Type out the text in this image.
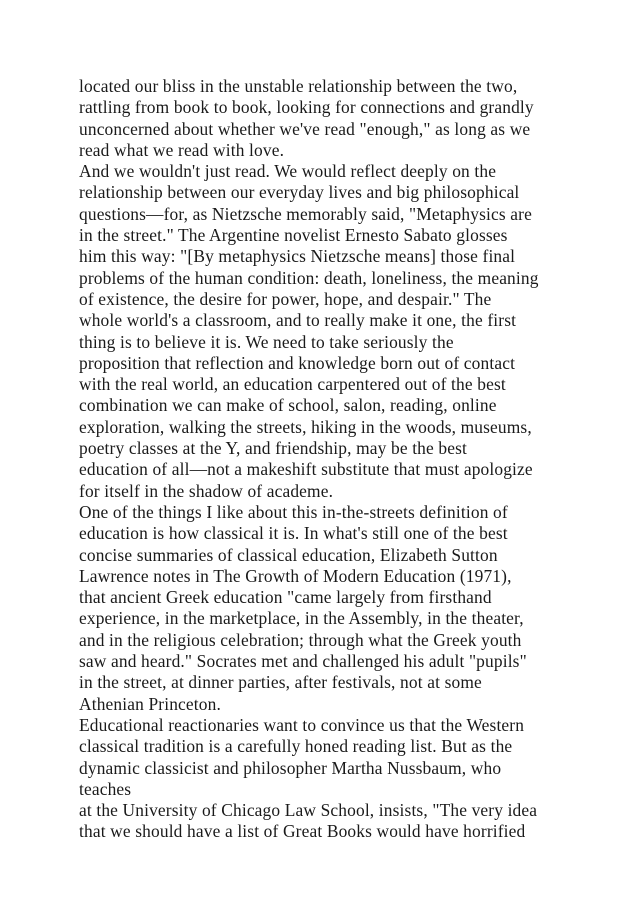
located our bliss in the unstable relationship between the two,
rattling from book to book, looking for connections and grandly
unconcerned about whether we've read "enough," as long as we
read what we read with love.
And we wouldn't just read. We would reflect deeply on the
relationship between our everyday lives and big philosophical
questions—for, as Nietzsche memorably said, "Metaphysics are
in the street." The Argentine novelist Ernesto Sabato glosses
him this way: "[By metaphysics Nietzsche means] those final
problems of the human condition: death, loneliness, the meaning
of existence, the desire for power, hope, and despair." The
whole world's a classroom, and to really make it one, the first
thing is to believe it is. We need to take seriously the
proposition that reflection and knowledge born out of contact
with the real world, an education carpentered out of the best
combination we can make of school, salon, reading, online
exploration, walking the streets, hiking in the woods, museums,
poetry classes at the Y, and friendship, may be the best
education of all—not a makeshift substitute that must apologize
for itself in the shadow of academe.
One of the things I like about this in-the-streets definition of
education is how classical it is. In what's still one of the best
concise summaries of classical education, Elizabeth Sutton
Lawrence notes in The Growth of Modern Education (1971),
that ancient Greek education "came largely from firsthand
experience, in the marketplace, in the Assembly, in the theater,
and in the religious celebration; through what the Greek youth
saw and heard." Socrates met and challenged his adult "pupils"
in the street, at dinner parties, after festivals, not at some
Athenian Princeton.
Educational reactionaries want to convince us that the Western
classical tradition is a carefully honed reading list. But as the
dynamic classicist and philosopher Martha Nussbaum, who
teaches
at the University of Chicago Law School, insists, "The very idea
that we should have a list of Great Books would have horrified
